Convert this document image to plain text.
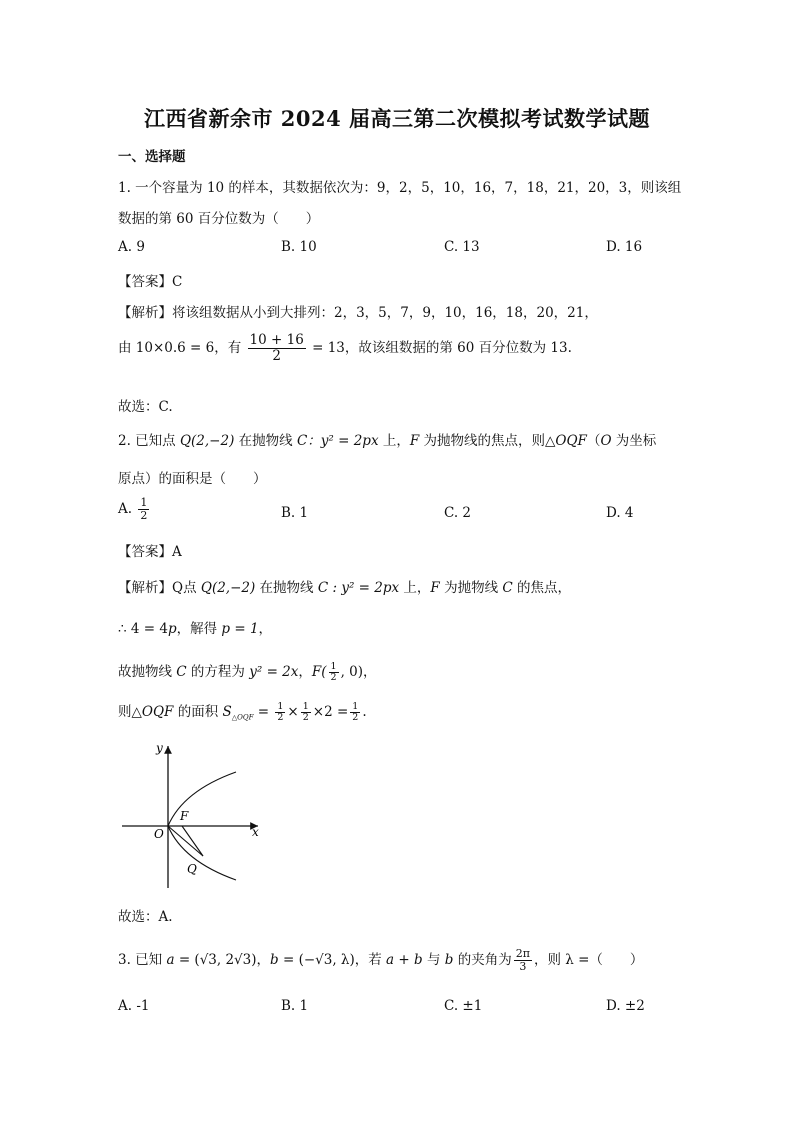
江西省新余市 2024 届高三第二次模拟考试数学试题
一、选择题
1. 一个容量为 10 的样本，其数据依次为：9，2，5，10，16，7，18，21，20，3，则该组
数据的第 60 百分位数为（　　）
A. 9	B. 10	C. 13	D. 16
【答案】C
【解析】将该组数据从小到大排列：2，3，5，7，9，10，16，18，20，21，
由 10×0.6 = 6，有 $\frac{10 + 16}{2} = 13$，故该组数据的第 60 百分位数为 13.
故选：C.
2. 已知点 Q(2,−2) 在抛物线 C：y² = 2px 上，F 为抛物线的焦点，则△OQF（O 为坐标
原点）的面积是（　　）
A. $\frac{1}{2}$	B. 1	C. 2	D. 4
【答案】A
【解析】Q点 Q(2,−2) 在抛物线 C : y² = 2px 上，F 为抛物线 C 的焦点，
∴ 4 = 4p，解得 p = 1，
故抛物线 C 的方程为 y² = 2x，$F( \frac{1}{2}$ , 0)，
则△OQF 的面积 $S_{\triangle OQF} = \frac{1}{2} \times \frac{1}{2} \times 2 = \frac{1}{2}$ .
y
x
O
F
Q
故选：A.
3. 已知 a = (√3, 2√3)，b = (−√3, λ)，若 a + b 与 b 的夹角为 $\frac{2\pi}{3}$ ，则 λ =（　　）
A. -1	B. 1	C. ±1	D. ±2
